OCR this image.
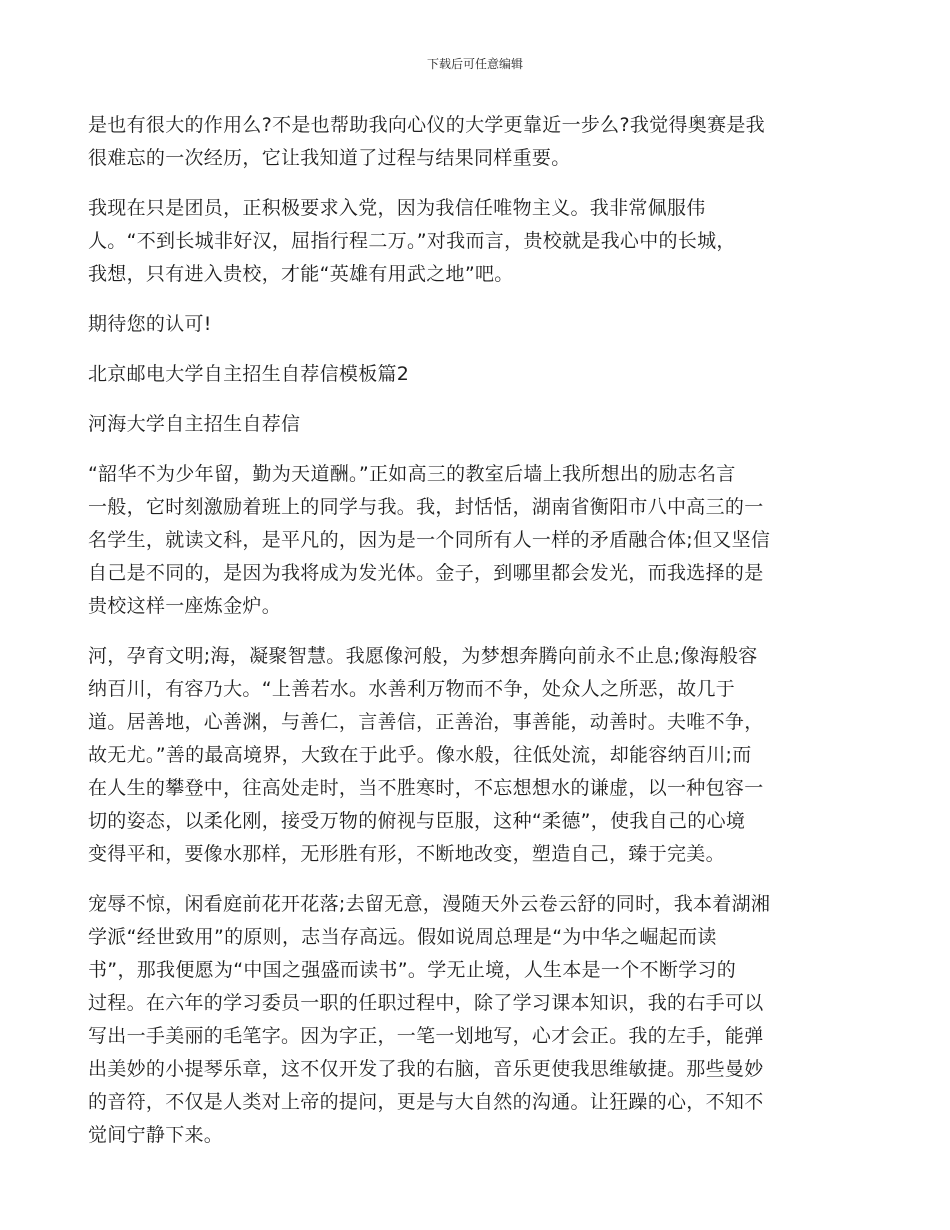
下载后可任意编辑

是也有很大的作用么?不是也帮助我向心仪的大学更靠近一步么?我觉得奥赛是我
很难忘的一次经历，它让我知道了过程与结果同样重要。

我现在只是团员，正积极要求入党，因为我信任唯物主义。我非常佩服伟
人。“不到长城非好汉，屈指行程二万。”对我而言，贵校就是我心中的长城，
我想，只有进入贵校，才能“英雄有用武之地”吧。

期待您的认可!

北京邮电大学自主招生自荐信模板篇2

河海大学自主招生自荐信

“韶华不为少年留，勤为天道酬。”正如高三的教室后墙上我所想出的励志名言
一般，它时刻激励着班上的同学与我。我，封恬恬，湖南省衡阳市八中高三的一
名学生，就读文科，是平凡的，因为是一个同所有人一样的矛盾融合体;但又坚信
自己是不同的，是因为我将成为发光体。金子，到哪里都会发光，而我选择的是
贵校这样一座炼金炉。

河，孕育文明;海，凝聚智慧。我愿像河般，为梦想奔腾向前永不止息;像海般容
纳百川，有容乃大。“上善若水。水善利万物而不争，处众人之所恶，故几于
道。居善地，心善渊，与善仁，言善信，正善治，事善能，动善时。夫唯不争，
故无尤。”善的最高境界，大致在于此乎。像水般，往低处流，却能容纳百川;而
在人生的攀登中，往高处走时，当不胜寒时，不忘想想水的谦虚，以一种包容一
切的姿态，以柔化刚，接受万物的俯视与臣服，这种“柔德”，使我自己的心境
变得平和，要像水那样，无形胜有形，不断地改变，塑造自己，臻于完美。

宠辱不惊，闲看庭前花开花落;去留无意，漫随天外云卷云舒的同时，我本着湖湘
学派“经世致用”的原则，志当存高远。假如说周总理是“为中华之崛起而读
书”，那我便愿为“中国之强盛而读书”。学无止境，人生本是一个不断学习的
过程。在六年的学习委员一职的任职过程中，除了学习课本知识，我的右手可以
写出一手美丽的毛笔字。因为字正，一笔一划地写，心才会正。我的左手，能弹
出美妙的小提琴乐章，这不仅开发了我的右脑，音乐更使我思维敏捷。那些曼妙
的音符，不仅是人类对上帝的提问，更是与大自然的沟通。让狂躁的心，不知不
觉间宁静下来。
